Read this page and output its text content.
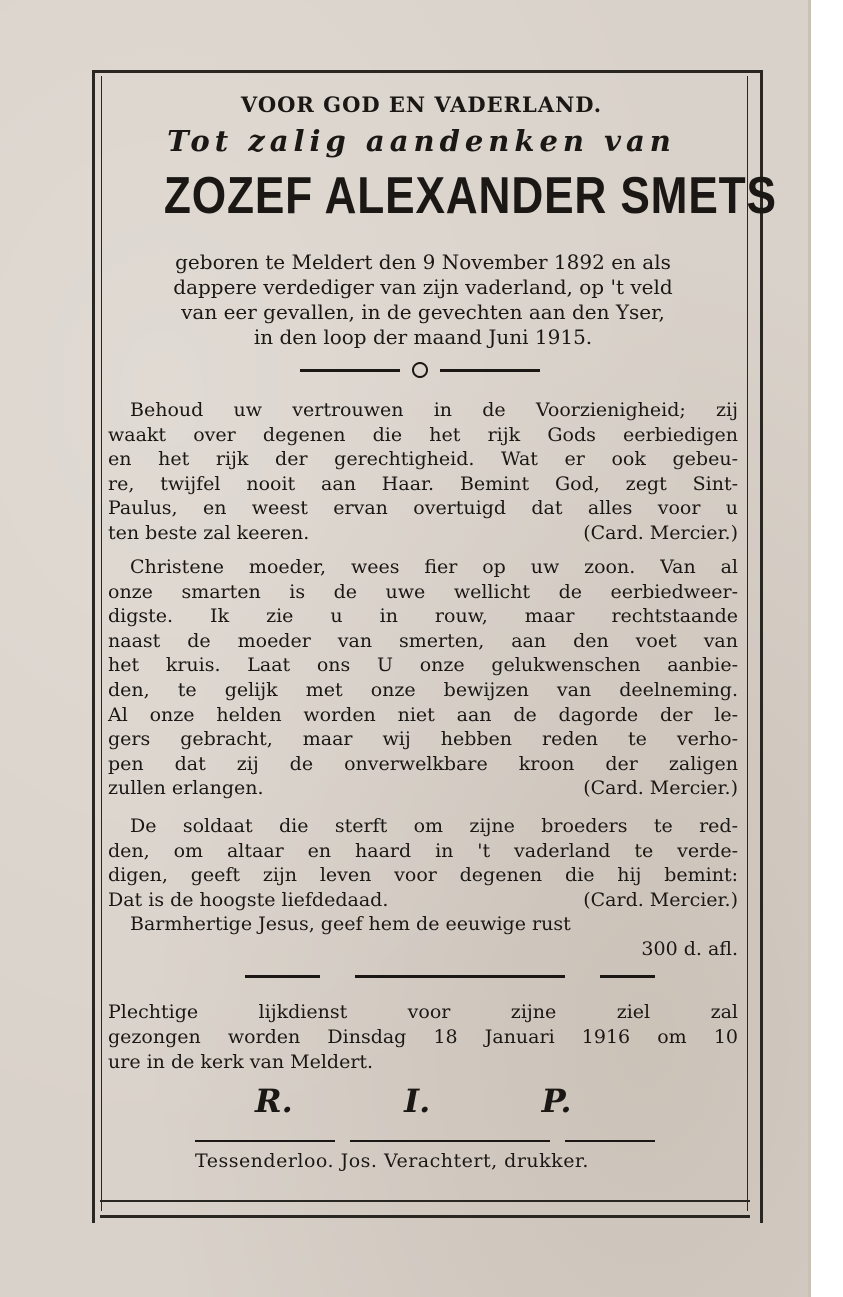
VOOR GOD EN VADERLAND.
Tot zalig aandenken van
ZOZEF ALEXANDER SMETS

geboren te Meldert den 9 November 1892 en als

dappere verdediger van zijn vaderland, op 't veld

van eer gevallen, in de gevechten aan den Yser,

in den loop der maand Juni 1915.

Behoud uw vertrouwen in de Voorzienigheid; zij
waakt over degenen die het rijk Gods eerbiedigen
en het rijk der gerechtigheid. Wat er ook gebeu-
re, twijfel nooit aan Haar. Bemint God, zegt Sint-
Paulus, en weest ervan overtuigd dat alles voor u
ten beste zal keeren.	(Card. Mercier.)
Christene moeder, wees fier op uw zoon. Van al
onze smarten is de uwe wellicht de eerbiedweer-
digste. Ik zie u in rouw, maar rechtstaande
naast de moeder van smerten, aan den voet van
het kruis. Laat ons U onze gelukwenschen aanbie-
den, te gelijk met onze bewijzen van deelneming.
Al onze helden worden niet aan de dagorde der le-
gers gebracht, maar wij hebben reden te verho-
pen dat zij de onverwelkbare kroon der zaligen
zullen erlangen.	(Card. Mercier.)
De soldaat die sterft om zijne broeders te red-
den, om altaar en haard in 't vaderland te verde-
digen, geeft zijn leven voor degenen die hij bemint:
Dat is de hoogste liefdedaad.	(Card. Mercier.)
Barmhertige Jesus, geef hem de eeuwige rust
300 d. afl.
Plechtige lijkdienst voor zijne ziel zal
gezongen worden Dinsdag 18 Januari 1916 om 10
ure in de kerk van Meldert.
R.	I.	P.
Tessenderloo. Jos. Verachtert, drukker.
